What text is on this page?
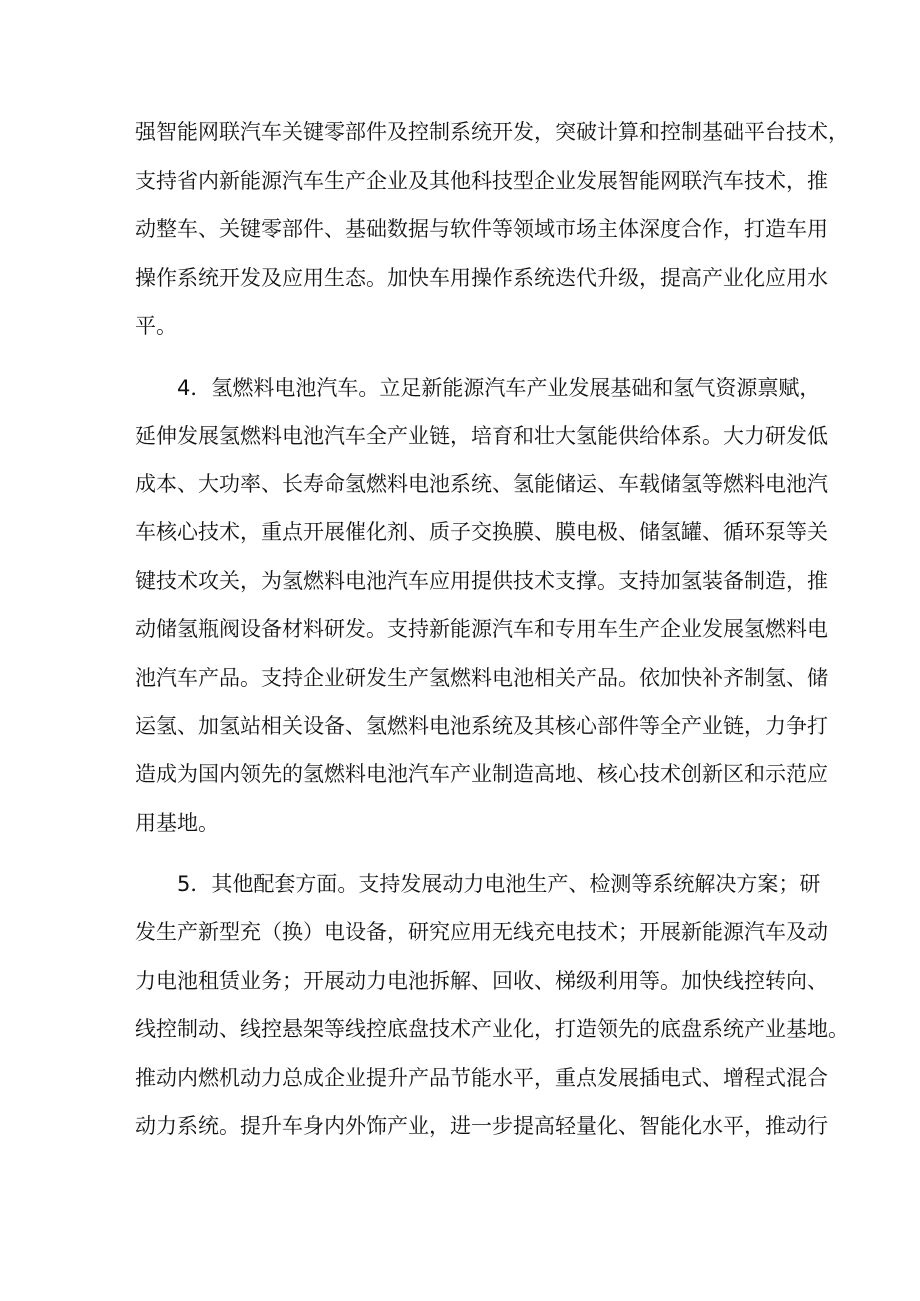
强智能网联汽车关键零部件及控制系统开发，突破计算和控制基础平台技术，
支持省内新能源汽车生产企业及其他科技型企业发展智能网联汽车技术，推
动整车、关键零部件、基础数据与软件等领域市场主体深度合作，打造车用
操作系统开发及应用生态。加快车用操作系统迭代升级，提高产业化应用水
平。
4．氢燃料电池汽车。立足新能源汽车产业发展基础和氢气资源禀赋，
延伸发展氢燃料电池汽车全产业链，培育和壮大氢能供给体系。大力研发低
成本、大功率、长寿命氢燃料电池系统、氢能储运、车载储氢等燃料电池汽
车核心技术，重点开展催化剂、质子交换膜、膜电极、储氢罐、循环泵等关
键技术攻关，为氢燃料电池汽车应用提供技术支撑。支持加氢装备制造，推
动储氢瓶阀设备材料研发。支持新能源汽车和专用车生产企业发展氢燃料电
池汽车产品。支持企业研发生产氢燃料电池相关产品。依加快补齐制氢、储
运氢、加氢站相关设备、氢燃料电池系统及其核心部件等全产业链，力争打
造成为国内领先的氢燃料电池汽车产业制造高地、核心技术创新区和示范应
用基地。
5．其他配套方面。支持发展动力电池生产、检测等系统解决方案；研
发生产新型充（换）电设备，研究应用无线充电技术；开展新能源汽车及动
力电池租赁业务；开展动力电池拆解、回收、梯级利用等。加快线控转向、
线控制动、线控悬架等线控底盘技术产业化，打造领先的底盘系统产业基地。
推动内燃机动力总成企业提升产品节能水平，重点发展插电式、增程式混合
动力系统。提升车身内外饰产业，进一步提高轻量化、智能化水平，推动行
